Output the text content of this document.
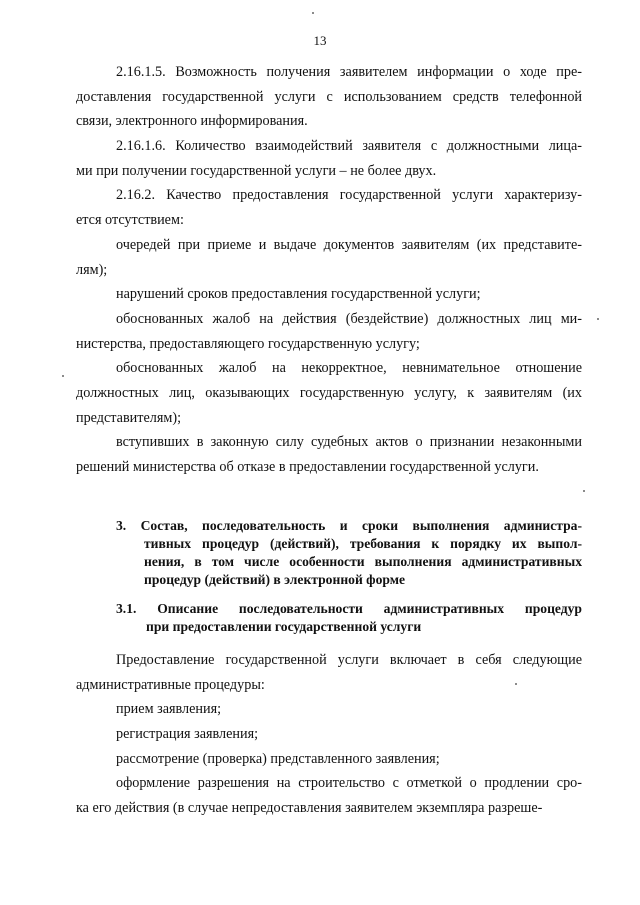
13
2.16.1.5. Возможность получения заявителем информации о ходе пре-
доставления государственной услуги с использованием средств телефонной
связи, электронного информирования.
2.16.1.6. Количество взаимодействий заявителя с должностными лица-
ми при получении государственной услуги – не более двух.
2.16.2. Качество предоставления государственной услуги характеризу-
ется отсутствием:
очередей при приеме и выдаче документов заявителям (их представите-
лям);
нарушений сроков предоставления государственной услуги;
обоснованных жалоб на действия (бездействие) должностных лиц ми-
нистерства, предоставляющего государственную услугу;
обоснованных жалоб на некорректное, невнимательное отношение
должностных лиц, оказывающих государственную услугу, к заявителям (их
представителям);
вступивших в законную силу судебных актов о признании незаконными
решений министерства об отказе в предоставлении государственной услуги.
3. Состав, последовательность и сроки выполнения администра-
тивных процедур (действий), требования к порядку их выпол-
нения, в том числе особенности выполнения административных
процедур (действий) в электронной форме
3.1. Описание последовательности административных процедур
при предоставлении государственной услуги
Предоставление государственной услуги включает в себя следующие
административные процедуры:
прием заявления;
регистрация заявления;
рассмотрение (проверка) представленного заявления;
оформление разрешения на строительство с отметкой о продлении сро-
ка его действия (в случае непредоставления заявителем экземпляра разреше-
